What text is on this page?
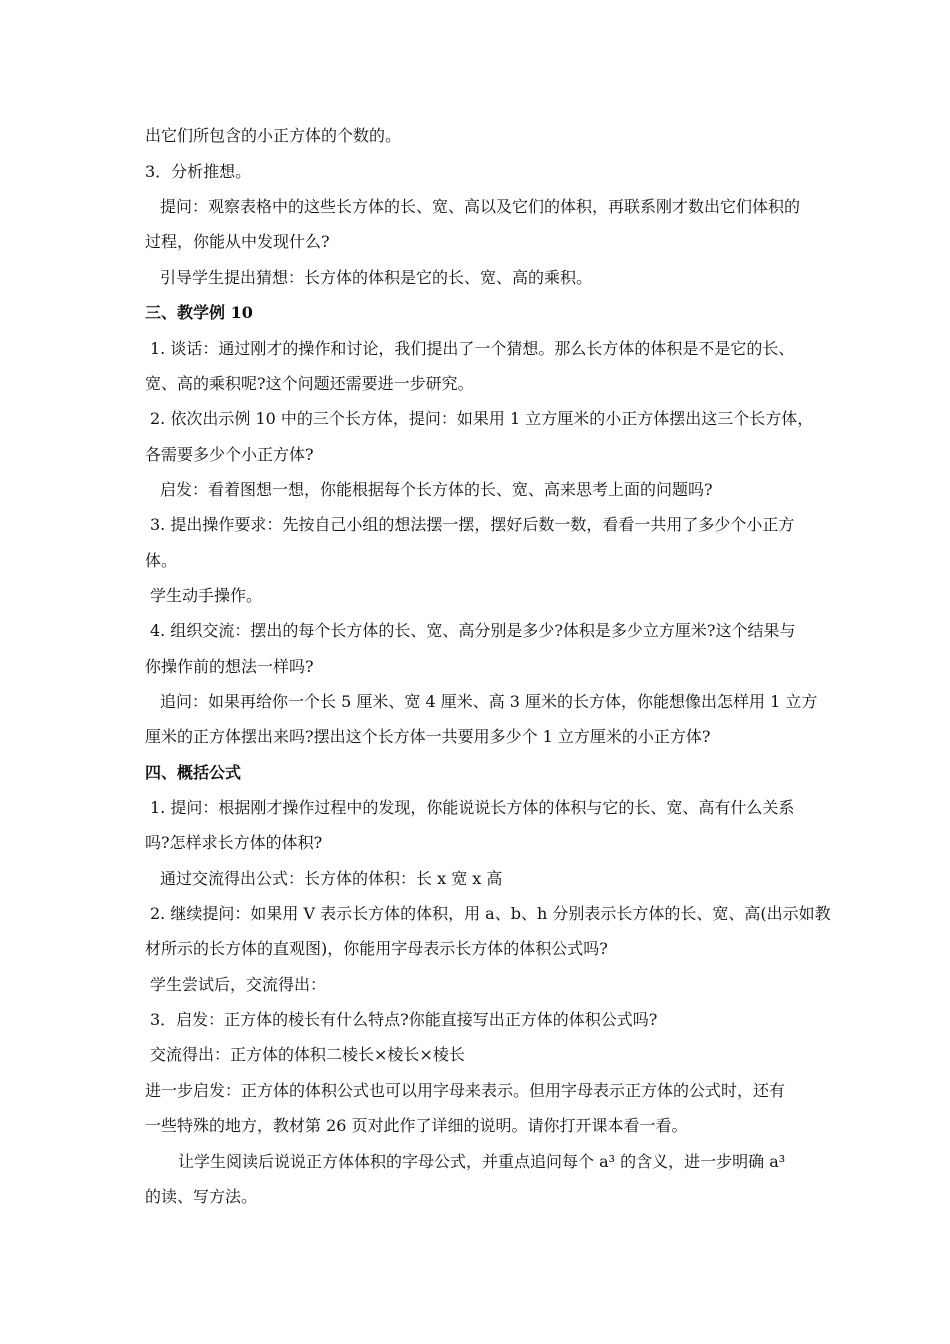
出它们所包含的小正方体的个数的。
3．分析推想。
提问：观察表格中的这些长方体的长、宽、高以及它们的体积，再联系刚才数出它们体积的
过程，你能从中发现什么?
引导学生提出猜想：长方体的体积是它的长、宽、高的乘积。
三、教学例 10
1. 谈话：通过刚才的操作和讨论，我们提出了一个猜想。那么长方体的体积是不是它的长、
宽、高的乘积呢?这个问题还需要进一步研究。
2. 依次出示例 10 中的三个长方体，提问：如果用 1 立方厘米的小正方体摆出这三个长方体，
各需要多少个小正方体?
启发：看着图想一想，你能根据每个长方体的长、宽、高来思考上面的问题吗?
3. 提出操作要求：先按自己小组的想法摆一摆，摆好后数一数，看看一共用了多少个小正方
体。
学生动手操作。
4. 组织交流：摆出的每个长方体的长、宽、高分别是多少?体积是多少立方厘米?这个结果与
你操作前的想法一样吗?
追问：如果再给你一个长 5 厘米、宽 4 厘米、高 3 厘米的长方体，你能想像出怎样用 1 立方
厘米的正方体摆出来吗?摆出这个长方体一共要用多少个 1 立方厘米的小正方体?
四、概括公式
1. 提问：根据刚才操作过程中的发现，你能说说长方体的体积与它的长、宽、高有什么关系
吗?怎样求长方体的体积?
通过交流得出公式：长方体的体积：长 x 宽 x 高
2. 继续提问：如果用 V 表示长方体的体积，用 a、b、h 分别表示长方体的长、宽、高(出示如教
材所示的长方体的直观图)，你能用字母表示长方体的体积公式吗?
学生尝试后，交流得出：
3．启发：正方体的棱长有什么特点?你能直接写出正方体的体积公式吗?
交流得出：正方体的体积二棱长×棱长×棱长
进一步启发：正方体的体积公式也可以用字母来表示。但用字母表示正方体的公式时，还有
一些特殊的地方，教材第 26 页对此作了详细的说明。请你打开课本看一看。
让学生阅读后说说正方体体积的字母公式，并重点追问每个 a³ 的含义，进一步明确 a³
的读、写方法。
